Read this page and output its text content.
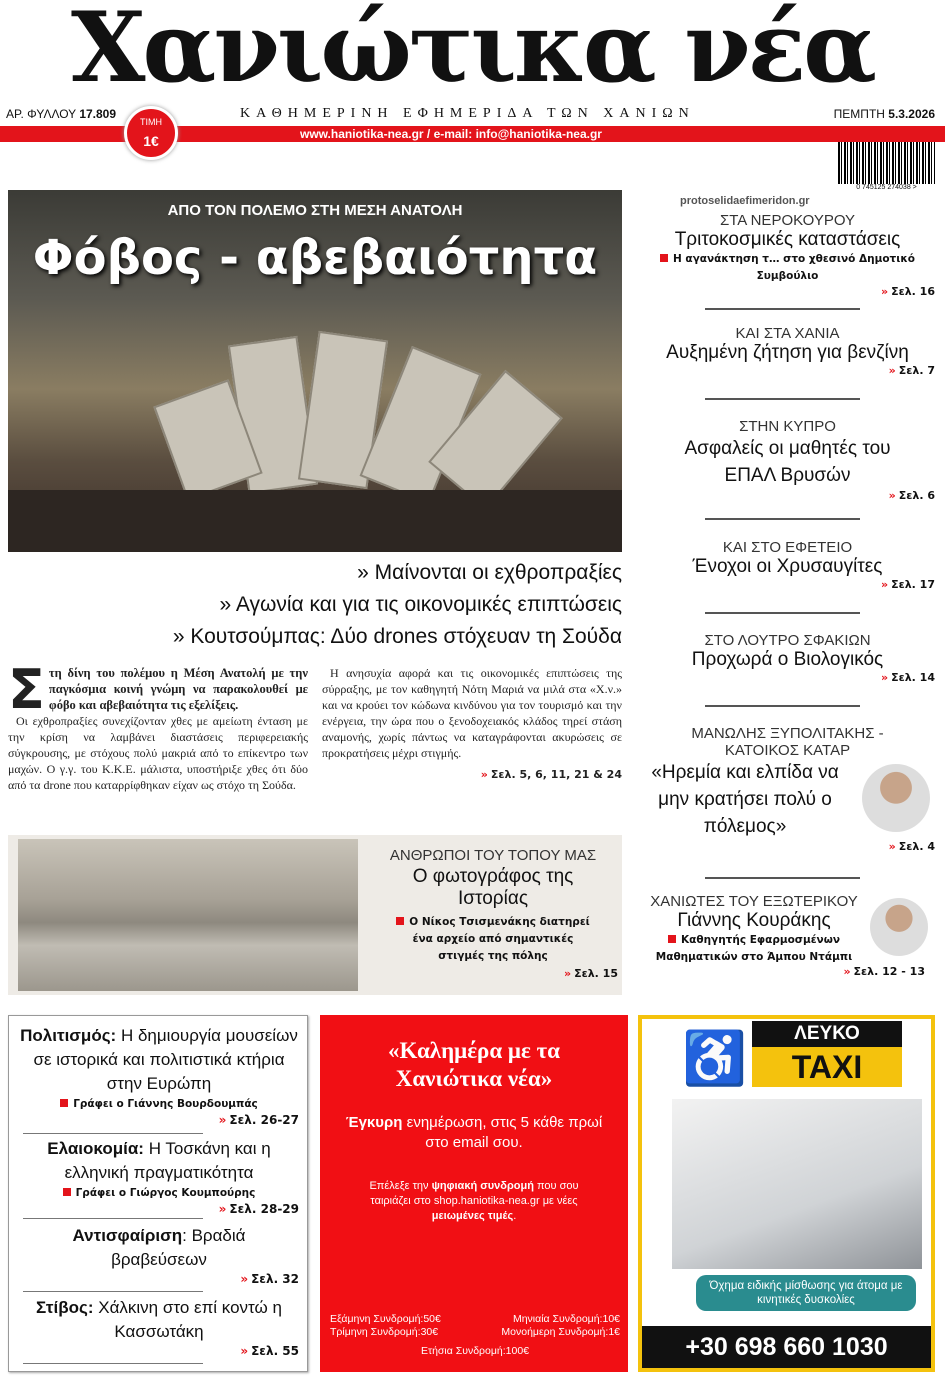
Χανιώτικα νέα
ΑΡ. ΦΥΛΛΟΥ 17.809	ΚΑΘΗΜΕΡΙΝΗ ΕΦΗΜΕΡΙΔΑ ΤΩΝ ΧΑΝΙΩΝ	ΠΕΜΠΤΗ 5.3.2026
www.haniotika-nea.gr / e-mail: info@haniotika-nea.gr
ΤΙΜΗ
1€
0 745125 274038 >
ΑΠΟ ΤΟΝ ΠΟΛΕΜΟ ΣΤΗ ΜΕΣΗ ΑΝΑΤΟΛΗ
Φόβος - αβεβαιότητα
» Μαίνονται οι εχθροπραξίες
» Αγωνία και για τις οικονομικές επιπτώσεις
» Κουτσούμπας: Δύο drones στόχευαν τη Σούδα
Στη δίνη του πολέμου η Μέση Ανατολή με την παγκόσμια κοινή γνώμη να παρακολουθεί με φόβο και αβεβαιότητα τις εξελίξεις.

Οι εχθροπραξίες συνεχίζονταν χθες με αμείωτη ένταση με την κρίση να λαμβάνει διαστάσεις περιφερειακής σύγκρουσης, με στόχους πολύ μακριά από το επίκεντρο των μαχών. Ο γ.γ. του Κ.Κ.Ε. μάλιστα, υποστήριξε χθες ότι δύο από τα drone που καταρρίφθηκαν είχαν ως στόχο τη Σούδα.
Η ανησυχία αφορά και τις οικονομικές επιπτώσεις της σύρραξης, με τον καθηγητή Νότη Μαριά να μιλά στα «Χ.ν.» και να κρούει τον κώδωνα κινδύνου για τον τουρισμό και την ενέργεια, την ώρα που ο ξενοδοχειακός κλάδος τηρεί στάση αναμονής, χωρίς πάντως να καταγράφονται ακυρώσεις σε προκρατήσεις μέχρι στιγμής.
» Σελ. 5, 6, 11, 21 & 24
ΑΝΘΡΩΠΟΙ ΤΟΥ ΤΟΠΟΥ ΜΑΣ
Ο φωτογράφος της Ιστορίας
Ο Νίκος Τσισμενάκης διατηρεί ένα αρχείο από σημαντικές στιγμές της πόλης
» Σελ. 15
protoselidaefimeridon.gr
ΣΤΑ ΝΕΡΟΚΟΥΡΟΥ
Τριτοκοσμικές καταστάσεις
Η αγανάκτηση τ… στο χθεσινό Δημοτικό Συμβούλιο
» Σελ. 16
ΚΑΙ ΣΤΑ ΧΑΝΙΑ
Αυξημένη ζήτηση για βενζίνη
» Σελ. 7
ΣΤΗΝ ΚΥΠΡΟ
Ασφαλείς οι μαθητές του ΕΠΑΛ Βρυσών
» Σελ. 6
ΚΑΙ ΣΤΟ ΕΦΕΤΕΙΟ
Ένοχοι οι Χρυσαυγίτες
» Σελ. 17
ΣΤΟ ΛΟΥΤΡΟ ΣΦΑΚΙΩΝ
Προχωρά ο Βιολογικός
» Σελ. 14
ΜΑΝΩΛΗΣ ΞΥΠΟΛΙΤΑΚΗΣ - ΚΑΤΟΙΚΟΣ ΚΑΤΑΡ
«Ηρεμία και ελπίδα να μην κρατήσει πολύ ο πόλεμος»
» Σελ. 4
ΧΑΝΙΩΤΕΣ ΤΟΥ ΕΞΩΤΕΡΙΚΟΥ
Γιάννης Κουράκης
Καθηγητής Εφαρμοσμένων Μαθηματικών στο Άμπου Ντάμπι
» Σελ. 12 - 13
Πολιτισμός: Η δημιουργία μουσείων σε ιστορικά και πολιτιστικά κτήρια στην Ευρώπη
Γράφει ο Γιάννης Βουρδουμπάς
» Σελ. 26-27
Ελαιοκομία: Η Τοσκάνη και η ελληνική πραγματικότητα
Γράφει ο Γιώργος Κουμπούρης
» Σελ. 28-29
Αντισφαίριση: Βραδιά βραβεύσεων
» Σελ. 32
Στίβος: Χάλκινη στο επί κοντώ η Κασσωτάκη
» Σελ. 55
«Καλημέρα με τα Χανιώτικα νέα»
Έγκυρη ενημέρωση, στις 5 κάθε πρωί στο email σου.
Επέλεξε την ψηφιακή συνδρομή που σου ταιριάζει στο shop.haniotika-nea.gr με νέες μειωμένες τιμές.
Εξάμηνη Συνδρομή:50€	Μηνιαία Συνδρομή:10€
Τρίμηνη Συνδρομή:30€	Μονοήμερη Συνδρομή:1€
Ετήσια Συνδρομή:100€
ΛΕΥΚΟ
TAXI
♿
Όχημα ειδικής μίσθωσης για άτομα με κινητικές δυσκολίες
+30 698 660 1030
